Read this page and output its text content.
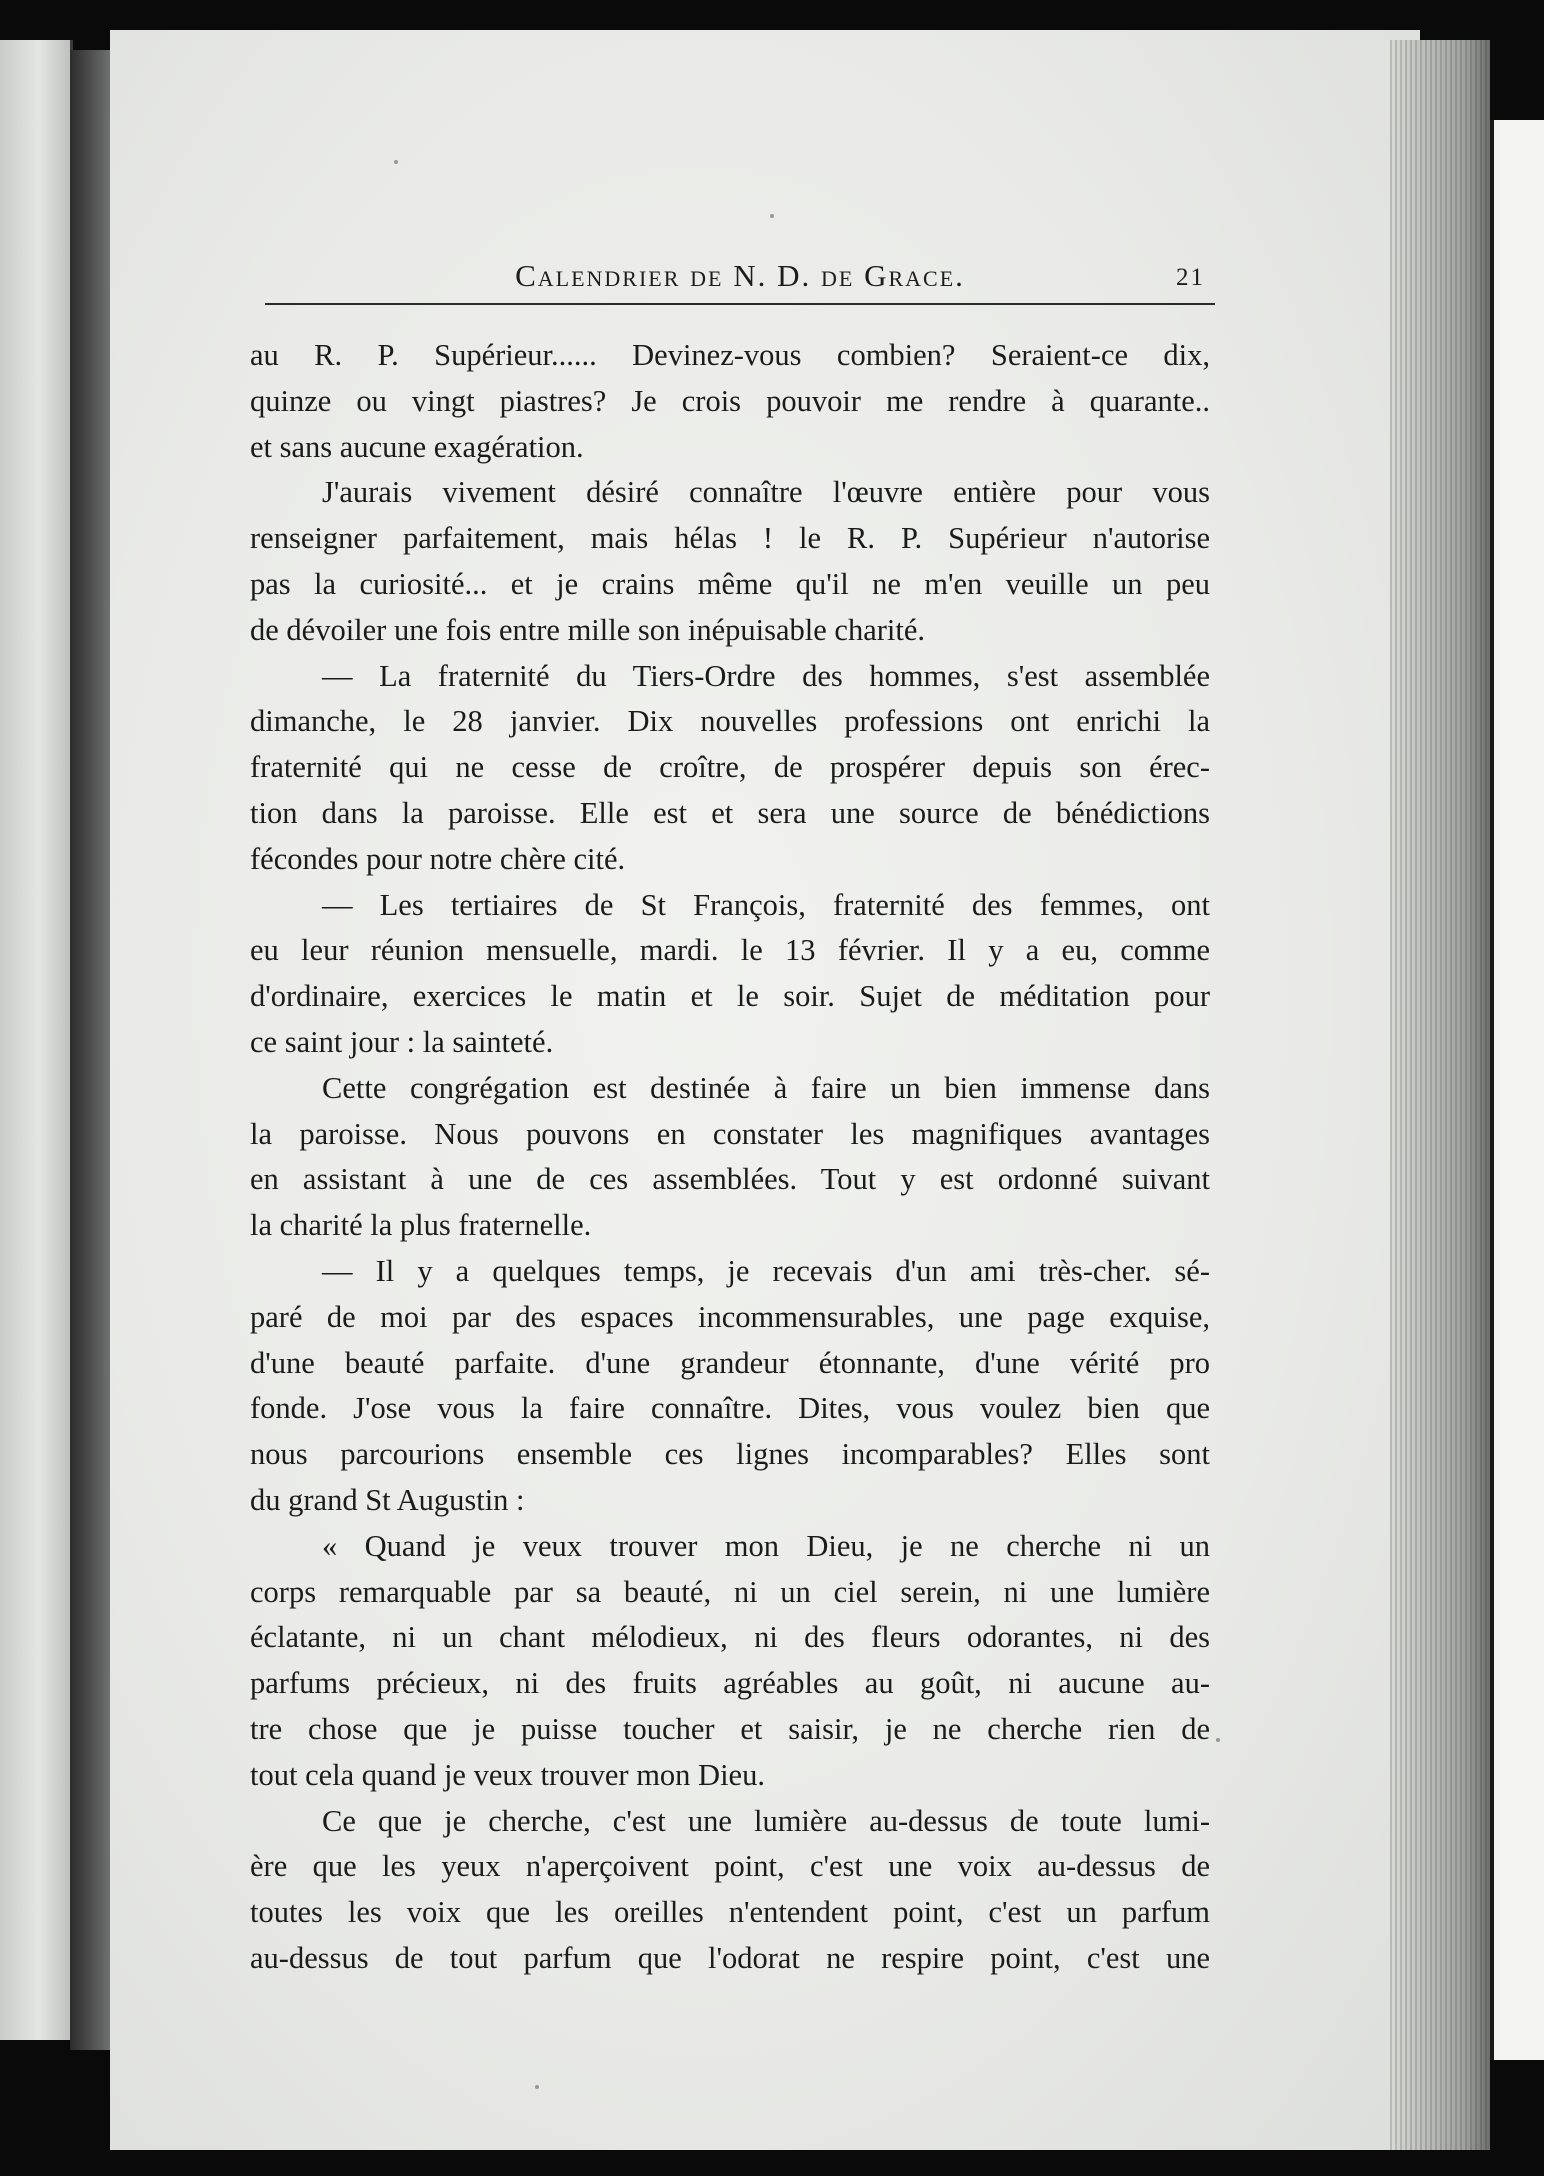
Calendrier de N. D. de Grace.	21
au R. P. Supérieur...... Devinez-vous combien? Seraient-ce dix,
quinze ou vingt piastres? Je crois pouvoir me rendre à quarante..
et sans aucune exagération.
J'aurais vivement désiré connaître l'œuvre entière pour vous
renseigner parfaitement, mais hélas ! le R. P. Supérieur n'autorise
pas la curiosité... et je crains même qu'il ne m'en veuille un peu
de dévoiler une fois entre mille son inépuisable charité.
— La fraternité du Tiers-Ordre des hommes, s'est assemblée
dimanche, le 28 janvier. Dix nouvelles professions ont enrichi la
fraternité qui ne cesse de croître, de prospérer depuis son érec-
tion dans la paroisse. Elle est et sera une source de bénédictions
fécondes pour notre chère cité.
— Les tertiaires de St François, fraternité des femmes, ont
eu leur réunion mensuelle, mardi. le 13 février. Il y a eu, comme
d'ordinaire, exercices le matin et le soir. Sujet de méditation pour
ce saint jour : la sainteté.
Cette congrégation est destinée à faire un bien immense dans
la paroisse. Nous pouvons en constater les magnifiques avantages
en assistant à une de ces assemblées. Tout y est ordonné suivant
la charité la plus fraternelle.
— Il y a quelques temps, je recevais d'un ami très-cher. sé-
paré de moi par des espaces incommensurables, une page exquise,
d'une beauté parfaite. d'une grandeur étonnante, d'une vérité pro
fonde. J'ose vous la faire connaître. Dites, vous voulez bien que
nous parcourions ensemble ces lignes incomparables? Elles sont
du grand St Augustin :
« Quand je veux trouver mon Dieu, je ne cherche ni un
corps remarquable par sa beauté, ni un ciel serein, ni une lumière
éclatante, ni un chant mélodieux, ni des fleurs odorantes, ni des
parfums précieux, ni des fruits agréables au goût, ni aucune au-
tre chose que je puisse toucher et saisir, je ne cherche rien de
tout cela quand je veux trouver mon Dieu.
Ce que je cherche, c'est une lumière au-dessus de toute lumi-
ère que les yeux n'aperçoivent point, c'est une voix au-dessus de
toutes les voix que les oreilles n'entendent point, c'est un parfum
au-dessus de tout parfum que l'odorat ne respire point, c'est une
